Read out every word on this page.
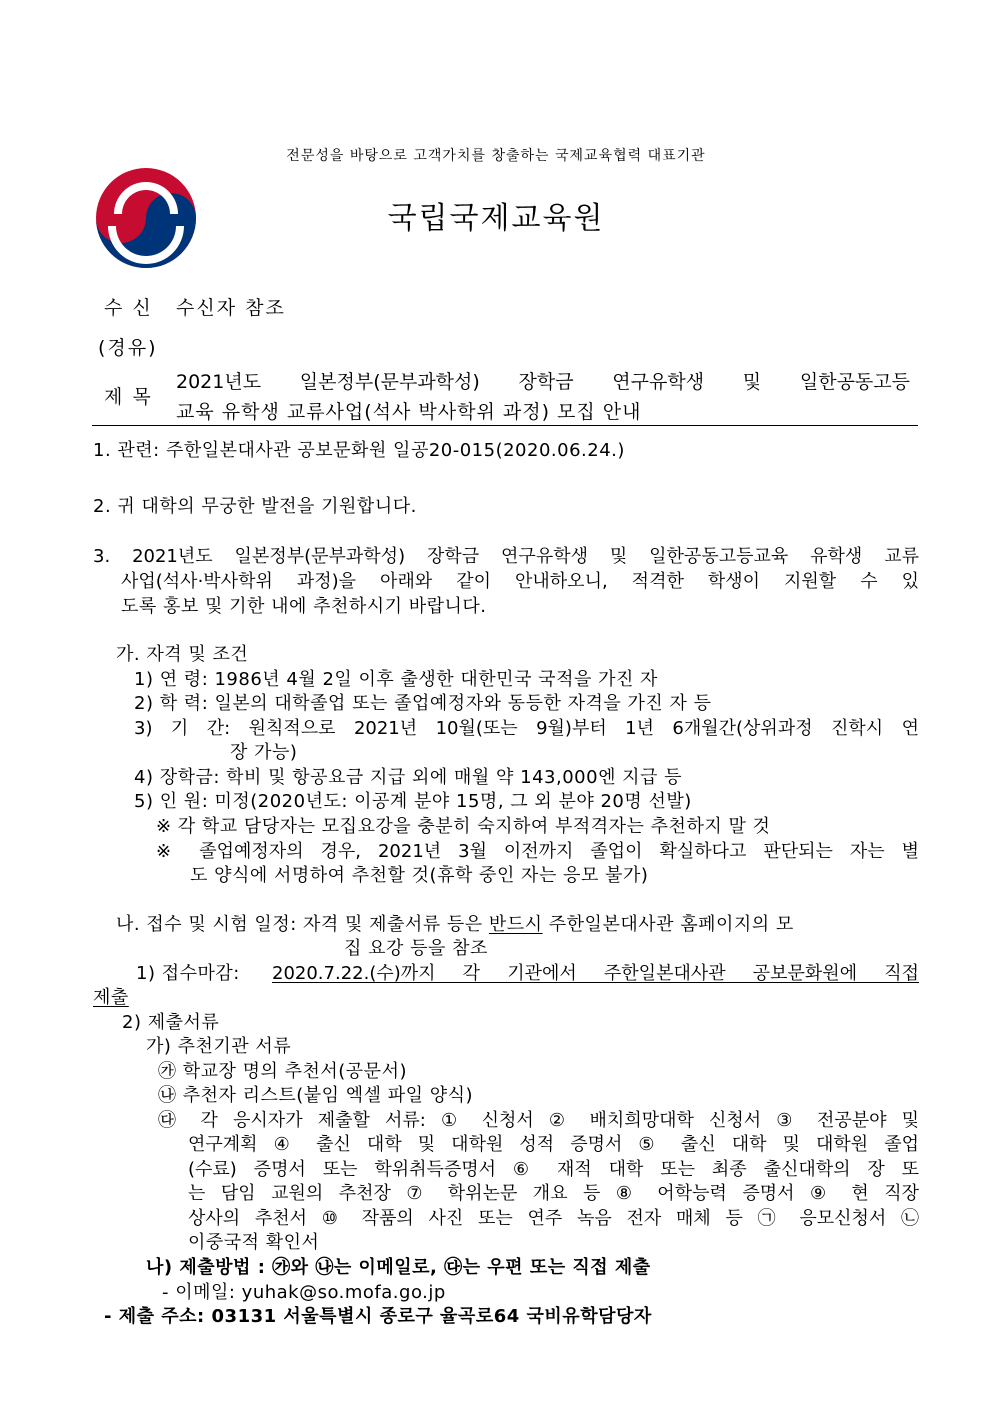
전문성을 바탕으로 고객가치를 창출하는 국제교육협력 대표기관
국립국제교육원
수 신 수신자 참조
(경유)
제 목
2021년도 일본정부(문부과학성) 장학금 연구유학생 및 일한공동고등
교육 유학생 교류사업(석사 박사학위 과정) 모집 안내
1. 관련: 주한일본대사관 공보문화원 일공20-015(2020.06.24.)
2. 귀 대학의 무궁한 발전을 기원합니다.
3. 2021년도 일본정부(문부과학성) 장학금 연구유학생 및 일한공동고등교육 유학생 교류
사업(석사·박사학위 과정)을 아래와 같이 안내하오니, 적격한 학생이 지원할 수 있
도록 홍보 및 기한 내에 추천하시기 바랍니다.
가. 자격 및 조건
1) 연 령: 1986년 4월 2일 이후 출생한 대한민국 국적을 가진 자
2) 학 력: 일본의 대학졸업 또는 졸업예정자와 동등한 자격을 가진 자 등
3) 기 간: 원칙적으로 2021년 10월(또는 9월)부터 1년 6개월간(상위과정 진학시 연
장 가능)
4) 장학금: 학비 및 항공요금 지급 외에 매월 약 143,000엔 지급 등
5) 인 원: 미정(2020년도: 이공계 분야 15명, 그 외 분야 20명 선발)
※ 각 학교 담당자는 모집요강을 충분히 숙지하여 부적격자는 추천하지 말 것
※ 졸업예정자의 경우, 2021년 3월 이전까지 졸업이 확실하다고 판단되는 자는 별
도 양식에 서명하여 추천할 것(휴학 중인 자는 응모 불가)
나. 접수 및 시험 일정: 자격 및 제출서류 등은 반드시 주한일본대사관 홈페이지의 모
집 요강 등을 참조
1) 접수마감: 2020.7.22.(수)까지 각 기관에서 주한일본대사관 공보문화원에 직접
제출
2) 제출서류
가) 추천기관 서류
㉮ 학교장 명의 추천서(공문서)
㉯ 추천자 리스트(붙임 엑셀 파일 양식)
㉰ 각 응시자가 제출할 서류: ① 신청서 ② 배치희망대학 신청서 ③ 전공분야 및
연구계획 ④ 출신 대학 및 대학원 성적 증명서 ⑤ 출신 대학 및 대학원 졸업
(수료) 증명서 또는 학위취득증명서 ⑥ 재적 대학 또는 최종 출신대학의 장 또
는 담임 교원의 추천장 ⑦ 학위논문 개요 등 ⑧ 어학능력 증명서 ⑨ 현 직장
상사의 추천서 ⑩ 작품의 사진 또는 연주 녹음 전자 매체 등 ㉠ 응모신청서 ㉡
이중국적 확인서
나) 제출방법 : ㉮와 ㉯는 이메일로, ㉰는 우편 또는 직접 제출
- 이메일: yuhak@so.mofa.go.jp
- 제출 주소: 03131 서울특별시 종로구 율곡로64 국비유학담당자
